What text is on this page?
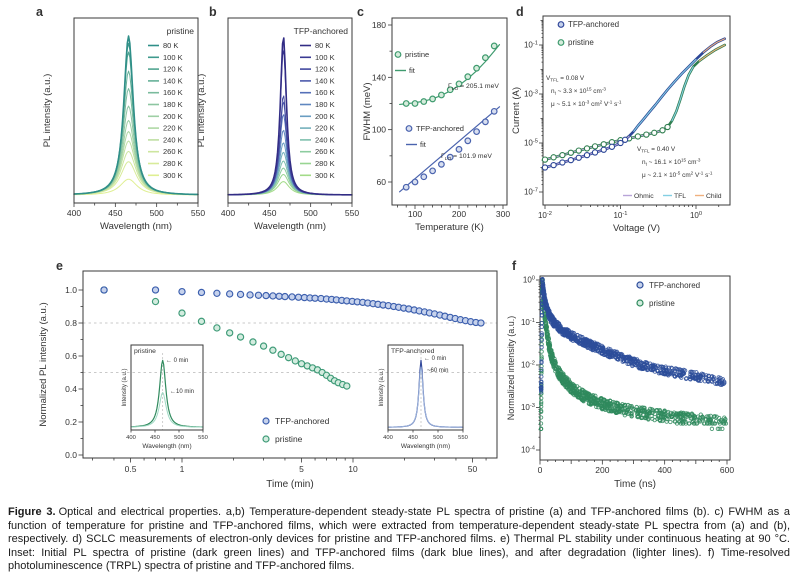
a
400	450	500	550
Wavelength (nm)
PL intensity (a.u.)
pristine
80 K
100 K
120 K
140 K
160 K
180 K
200 K
220 K
240 K
260 K
280 K
300 K
b
400	450	500	550
Wavelength (nm)
PL intensity (a.u.)
TFP-anchored
80 K
100 K
120 K
140 K
160 K
180 K
200 K
220 K
240 K
260 K
280 K
300 K
c
100	200	300
60
100
140
180
Temperature (K)
FWHM (meV)
pristine
fit
$\Gamma_{LO} = 205.1$ meV
TFP-anchored
fit
$\Gamma_{LO} = 101.9$ meV
d
$10^{-2}$	$10^{-1}$	$10^0$
$10^{-1}$
$10^{-3}$
$10^{-5}$
$10^{-7}$
Voltage (V)
Current (A)
TFP-anchored
pristine
$V_{TFL} = 0.08$ V
$n_t$ ~ $3.3 \times 10^{15}$ $cm^{-3}$
μ ~ $5.1 \times 10^{-3}$ $cm^2$ $V^{-1}$ $s^{-1}$
$V_{TFL} = 0.40$ V
$n_t$ ~ $16.1 \times 10^{15}$ $cm^{-3}$
μ ~ $2.1 \times 10^{-5}$ $cm^2$ $V^{-1}$ $s^{-1}$
Ohmic	TFL	Child
e
0.5	1	5	10	50
0.0
0.2
0.4
0.6
0.8
1.0
Time (min)
Normalized PL intensity (a.u.)	TFP-anchored
pristine
400 450 500 550
Wavelength (nm)
Intensity (a.u.)
pristine
← 0 min
←10 min
400	450	500	550
Wavelength (nm)
Intensity (a.u.)
TFP-anchored
← 0 min
~60 min
f
0	200	400	600
$10^0$
$10^{-1}$
$10^{-2}$
$10^{-3}$
$10^{-4}$
Time (ns)
Normalized intensity (a.u.)
TFP-anchored
pristine
Figure 3. Optical and electrical properties. a,b) Temperature-dependent steady-state PL spectra of pristine (a) and TFP-anchored films (b). c) FWHM as a function of temperature for pristine and TFP-anchored films, which were extracted from temperature-dependent steady-state PL spectra from (a) and (b), respectively. d) SCLC measurements of electron-only devices for pristine and TFP-anchored films. e) Thermal PL stability under continuous heating at 90 °C. Inset: Initial PL spectra of pristine (dark green lines) and TFP-anchored films (dark blue lines), and after degradation (lighter lines). f) Time-resolved photoluminescence (TRPL) spectra of pristine and TFP-anchored films.
